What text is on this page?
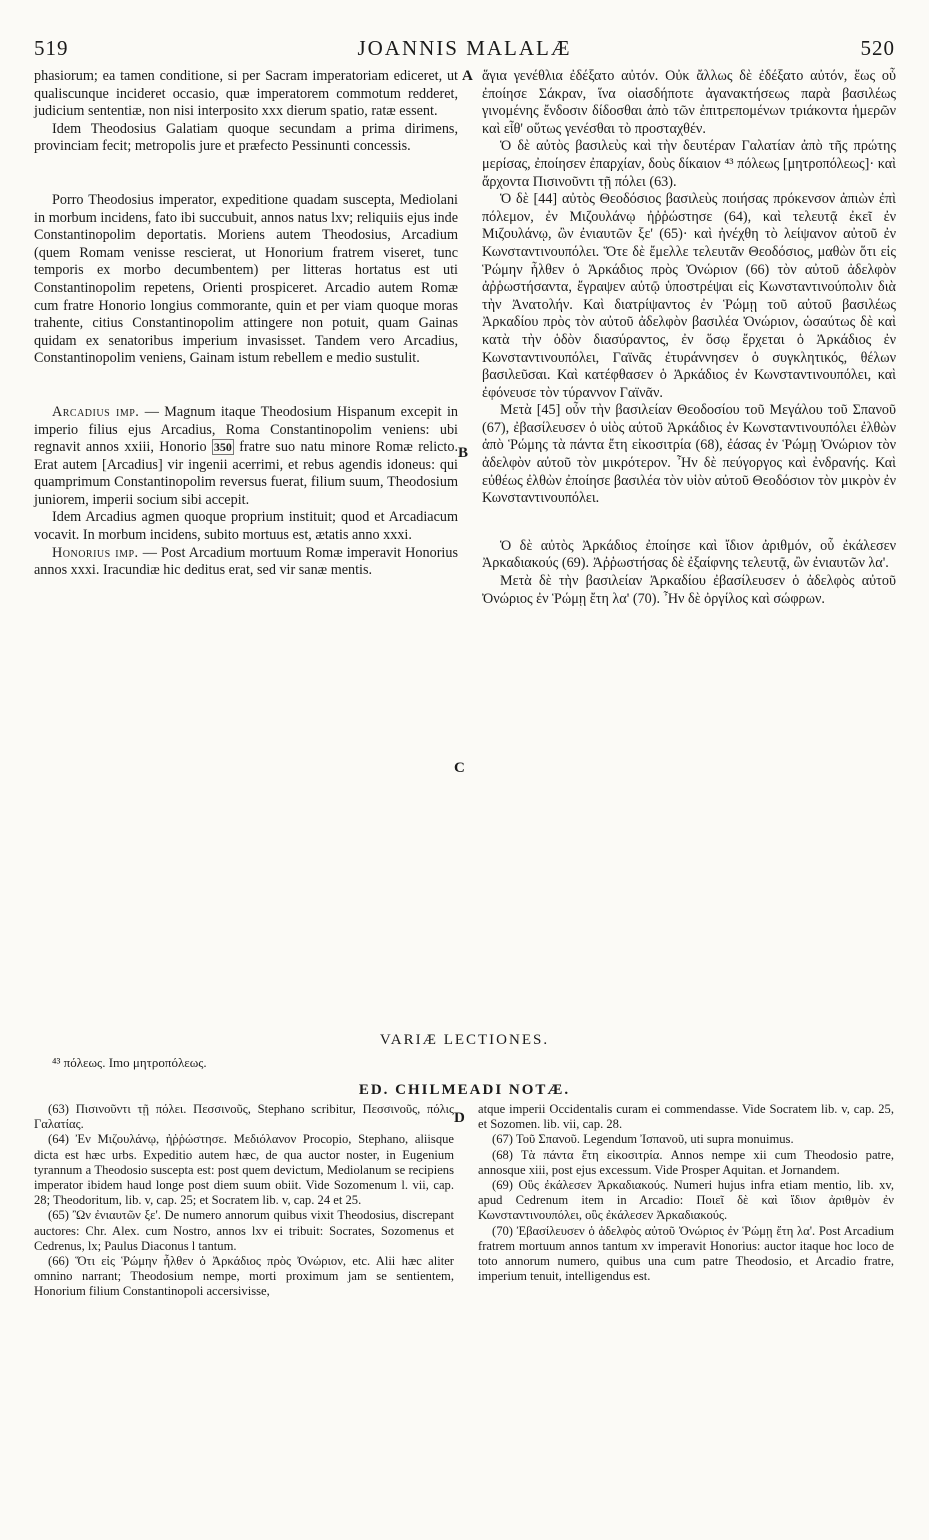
519	JOANNIS MALALÆ	520
A
B
C
D

phasiorum; ea tamen conditione, si per Sacram imperatoriam ediceret, ut qualiscunque incideret occasio, quæ imperatorem commotum redderet, judicium sententiæ, non nisi interposito xxx dierum spatio, ratæ essent.

Idem Theodosius Galatiam quoque secundam a prima dirimens, provinciam fecit; metropolis jure et præfecto Pessinunti concessis.

Porro Theodosius imperator, expeditione quadam suscepta, Mediolani in morbum incidens, fato ibi succubuit, annos natus lxv; reliquiis ejus inde Constantinopolim deportatis. Moriens autem Theodosius, Arcadium (quem Romam venisse rescierat, ut Honorium fratrem viseret, tunc temporis ex morbo decumbentem) per litteras hortatus est uti Constantinopolim repetens, Orienti prospiceret. Arcadio autem Romæ cum fratre Honorio longius commorante, quin et per viam quoque moras trahente, citius Constantinopolim attingere non potuit, quam Gainas quidam ex senatoribus imperium invasisset. Tandem vero Arcadius, Constantinopolim veniens, Gainam istum rebellem e medio sustulit.

Arcadius imp. — Magnum itaque Theodosium Hispanum excepit in imperio filius ejus Arcadius, Roma Constantinopolim veniens: ubi regnavit annos xxiii, Honorio 350 fratre suo natu minore Romæ relicto. Erat autem [Arcadius] vir ingenii acerrimi, et rebus agendis idoneus: qui quamprimum Constantinopolim reversus fuerat, filium suum, Theodosium juniorem, imperii socium sibi accepit.

Idem Arcadius agmen quoque proprium instituit; quod et Arcadiacum vocavit. In morbum incidens, subito mortuus est, ætatis anno xxxi.

Honorius imp. — Post Arcadium mortuum Romæ imperavit Honorius annos xxxi. Iracundiæ hic deditus erat, sed vir sanæ mentis.

ἅγια γενέθλια ἐδέξατο αὐτόν. Οὐκ ἄλλως δὲ ἐδέξατο αὐτόν, ἕως οὗ ἐποίησε Σάκραν, ἵνα οἱασδήποτε ἀγανακτήσεως παρὰ βασιλέως γινομένης ἔνδοσιν δίδοσθαι ἀπὸ τῶν ἐπιτρεπομένων τριάκοντα ἡμερῶν καὶ εἶθ' οὕτως γενέσθαι τὸ προσταχθέν.

Ὁ δὲ αὐτὸς βασιλεὺς καὶ τὴν δευτέραν Γαλατίαν ἀπὸ τῆς πρώτης μερίσας, ἐποίησεν ἐπαρχίαν, δοὺς δίκαιον ⁴³ πόλεως [μητροπόλεως]· καὶ ἄρχοντα Πισινοῦντι τῇ πόλει (63).

Ὁ δὲ [44] αὐτὸς Θεοδόσιος βασιλεὺς ποιήσας πρόκενσον ἀπιὼν ἐπὶ πόλεμον, ἐν Μιζουλάνῳ ἠῤῥώστησε (64), καὶ τελευτᾷ ἐκεῖ ἐν Μιζουλάνῳ, ὢν ἐνιαυτῶν ξε' (65)· καὶ ἠνέχθη τὸ λείψανον αὐτοῦ ἐν Κωνσταντινουπόλει. Ὅτε δὲ ἔμελλε τελευτᾶν Θεοδόσιος, μαθὼν ὅτι εἰς Ῥώμην ἦλθεν ὁ Ἀρκάδιος πρὸς Ὀνώριον (66) τὸν αὐτοῦ ἀδελφὸν ἀῤῥωστήσαντα, ἔγραψεν αὐτῷ ὑποστρέψαι εἰς Κωνσταντινούπολιν διὰ τὴν Ἀνατολήν. Καὶ διατρίψαντος ἐν Ῥώμῃ τοῦ αὐτοῦ βασιλέως Ἀρκαδίου πρὸς τὸν αὐτοῦ ἀδελφὸν βασιλέα Ὀνώριον, ὡσαύτως δὲ καὶ κατὰ τὴν ὁδὸν διασύραντος, ἐν ὅσῳ ἔρχεται ὁ Ἀρκάδιος ἐν Κωνσταντινουπόλει, Γαϊνᾶς ἐτυράννησεν ὁ συγκλητικός, θέλων βασιλεῦσαι. Καὶ κατέφθασεν ὁ Ἀρκάδιος ἐν Κωνσταντινουπόλει, καὶ ἐφόνευσε τὸν τύραννον Γαϊνᾶν.

Μετὰ [45] οὖν τὴν βασιλείαν Θεοδοσίου τοῦ Μεγάλου τοῦ Σπανοῦ (67), ἐβασίλευσεν ὁ υἱὸς αὐτοῦ Ἀρκάδιος ἐν Κωνσταντινουπόλει ἐλθὼν ἀπὸ Ῥώμης τὰ πάντα ἔτη εἰκοσιτρία (68), ἐάσας ἐν Ῥώμῃ Ὀνώριον τὸν ἀδελφὸν αὐτοῦ τὸν μικρότερον. Ἦν δὲ πεύγοργος καὶ ἐνδρανής. Καὶ εὐθέως ἐλθὼν ἐποίησε βασιλέα τὸν υἱὸν αὐτοῦ Θεοδόσιον τὸν μικρὸν ἐν Κωνσταντινουπόλει.

Ὁ δὲ αὐτὸς Ἀρκάδιος ἐποίησε καὶ ἴδιον ἀριθμόν, οὗ ἐκάλεσεν Ἀρκαδιακούς (69). Ἀῤῥωστήσας δὲ ἐξαίφνης τελευτᾷ, ὢν ἐνιαυτῶν λα'.

Μετὰ δὲ τὴν βασιλείαν Ἀρκαδίου ἐβασίλευσεν ὁ ἀδελφὸς αὐτοῦ Ὀνώριος ἐν Ῥώμῃ ἔτη λα' (70). Ἦν δὲ ὀργίλος καὶ σώφρων.

VARIÆ LECTIONES.
⁴³ πόλεως. Imo μητροπόλεως.
ED. CHILMEADI NOTÆ.

(63) Πισινοῦντι τῇ πόλει. Πεσσινοῦς, Stephano scribitur, Πεσσινοῦς, πόλις Γαλατίας.

(64) Ἐν Μιζουλάνῳ, ἠῤῥώστησε. Μεδιόλανον Procopio, Stephano, aliisque dicta est hæc urbs. Expeditio autem hæc, de qua auctor noster, in Eugenium tyrannum a Theodosio suscepta est: post quem devictum, Mediolanum se recipiens imperator ibidem haud longe post diem suum obiit. Vide Sozomenum l. vii, cap. 28; Theodoritum, lib. v, cap. 25; et Socratem lib. v, cap. 24 et 25.

(65) Ὢν ἐνιαυτῶν ξε'. De numero annorum quibus vixit Theodosius, discrepant auctores: Chr. Alex. cum Nostro, annos lxv ei tribuit: Socrates, Sozomenus et Cedrenus, lx; Paulus Diaconus l tantum.

(66) Ὅτι εἰς Ῥώμην ἦλθεν ὁ Ἀρκάδιος πρὸς Ὀνώριον, etc. Alii hæc aliter omnino narrant; Theodosium nempe, morti proximum jam se sentientem, Honorium filium Constantinopoli accersivisse,

atque imperii Occidentalis curam ei commendasse. Vide Socratem lib. v, cap. 25, et Sozomen. lib. vii, cap. 28.

(67) Τοῦ Σπανοῦ. Legendum Ἰσπανοῦ, uti supra monuimus.

(68) Τὰ πάντα ἔτη εἰκοσιτρία. Annos nempe xii cum Theodosio patre, annosque xiii, post ejus excessum. Vide Prosper Aquitan. et Jornandem.

(69) Οὓς ἐκάλεσεν Ἀρκαδιακούς. Numeri hujus infra etiam mentio, lib. xv, apud Cedrenum item in Arcadio: Ποιεῖ δὲ καὶ ἴδιον ἀριθμὸν ἐν Κωνσταντινουπόλει, οὓς ἐκάλεσεν Ἀρκαδιακούς.

(70) Ἐβασίλευσεν ὁ ἀδελφὸς αὐτοῦ Ὀνώριος ἐν Ῥώμῃ ἔτη λα'. Post Arcadium fratrem mortuum annos tantum xv imperavit Honorius: auctor itaque hoc loco de toto annorum numero, quibus una cum patre Theodosio, et Arcadio fratre, imperium tenuit, intelligendus est.
